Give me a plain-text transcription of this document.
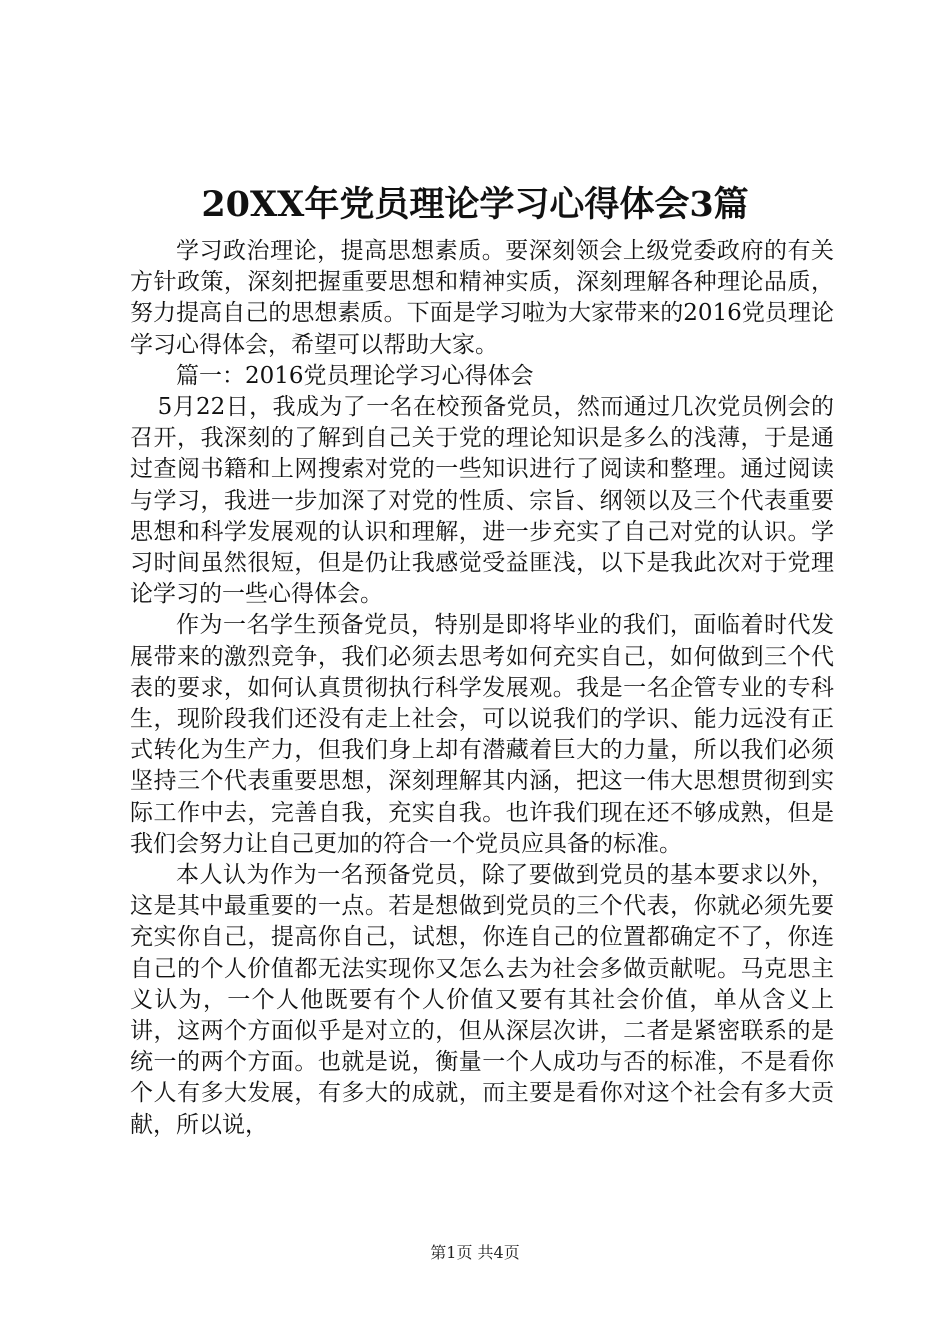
20XX年党员理论学习心得体会3篇

学习政治理论，提高思想素质。要深刻领会上级党委政府的有关方针政策，深刻把握重要思想和精神实质，深刻理解各种理论品质，努力提高自己的思想素质。下面是学习啦为大家带来的2016党员理论学习心得体会，希望可以帮助大家。

篇一：2016党员理论学习心得体会

5月22日，我成为了一名在校预备党员，然而通过几次党员例会的召开，我深刻的了解到自己关于党的理论知识是多么的浅薄，于是通过查阅书籍和上网搜索对党的一些知识进行了阅读和整理。通过阅读与学习，我进一步加深了对党的性质、宗旨、纲领以及三个代表重要思想和科学发展观的认识和理解，进一步充实了自己对党的认识。学习时间虽然很短，但是仍让我感觉受益匪浅，以下是我此次对于党理论学习的一些心得体会。

作为一名学生预备党员，特别是即将毕业的我们，面临着时代发展带来的激烈竞争，我们必须去思考如何充实自己，如何做到三个代表的要求，如何认真贯彻执行科学发展观。我是一名企管专业的专科生，现阶段我们还没有走上社会，可以说我们的学识、能力远没有正式转化为生产力，但我们身上却有潜藏着巨大的力量，所以我们必须坚持三个代表重要思想，深刻理解其内涵，把这一伟大思想贯彻到实际工作中去，完善自我，充实自我。也许我们现在还不够成熟，但是我们会努力让自己更加的符合一个党员应具备的标准。

本人认为作为一名预备党员，除了要做到党员的基本要求以外，这是其中最重要的一点。若是想做到党员的三个代表，你就必须先要充实你自己，提高你自己，试想，你连自己的位置都确定不了，你连自己的个人价值都无法实现你又怎么去为社会多做贡献呢。马克思主义认为，一个人他既要有个人价值又要有其社会价值，单从含义上讲，这两个方面似乎是对立的，但从深层次讲，二者是紧密联系的是统一的两个方面。也就是说，衡量一个人成功与否的标准，不是看你个人有多大发展，有多大的成就，而主要是看你对这个社会有多大贡献，所以说，

第1页 共4页
